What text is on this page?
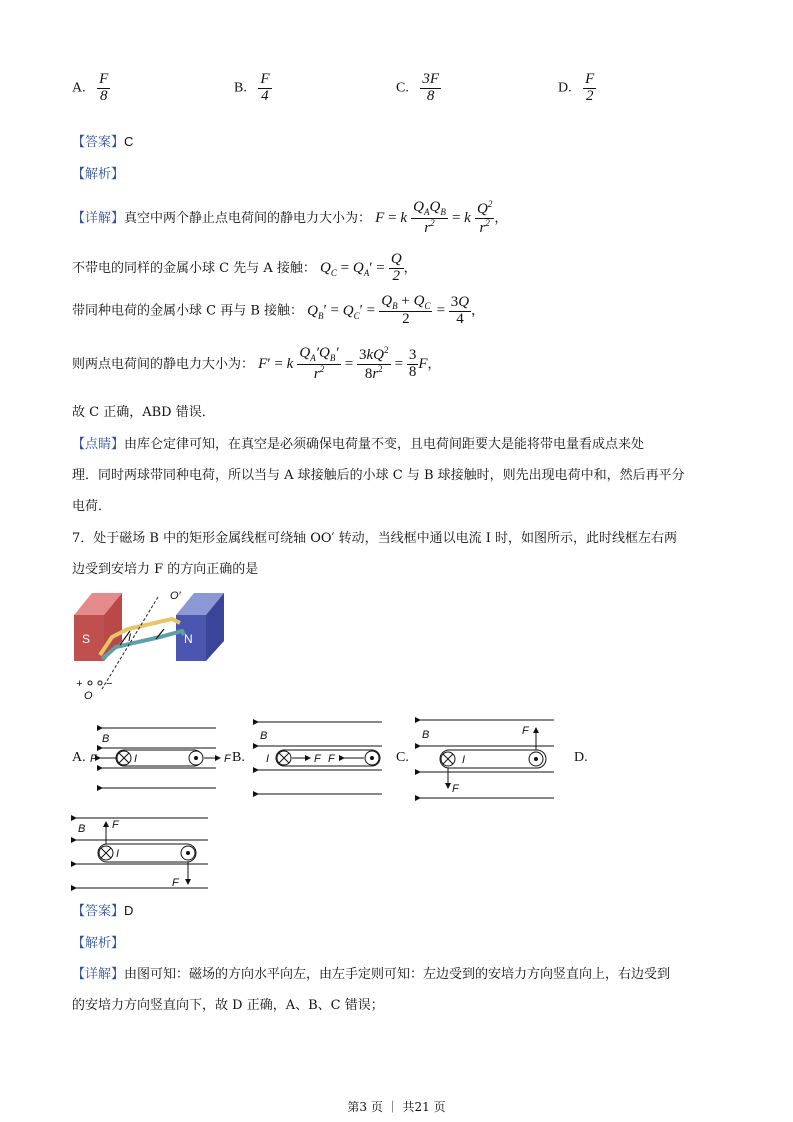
A. $\frac{F}{8}$	B. $\frac{F}{4}$	C. $\frac{3F}{8}$	D. $\frac{F}{2}$
【答案】C
【解析】
【详解】真空中两个静止点电荷间的静电力大小为： F = k $\frac{Q_AQ_B}{r^2} = k \frac{Q^2}{r^2}$ ，
不带电的同样的金属小球 C 先与 A 接触： $Q_C = Q_A' = \frac{Q}{2}$ ，
带同种电荷的金属小球 C 再与 B 接触： $Q_B' = Q_C' = \frac{Q_B + Q_C}{2} = \frac{3Q}{4}$ ，
则两点电荷间的静电力大小为： F′ = k $\frac{Q_A'Q_B'}{r^2} = \frac{3kQ^2}{8r^2} = \frac{3}{8}$ F，
故 C 正确，ABD 错误．
【点睛】由库仑定律可知，在真空是必须确保电荷量不变，且电荷间距要大是能将带电量看成点来处
理．同时两球带同种电荷，所以当与 A 球接触后的小球 C 与 B 球接触时，则先出现电荷中和，然后再平分
电荷．
7．处于磁场 B 中的矩形金属线框可绕轴 OO′ 转动，当线框中通以电流 I 时，如图所示，此时线框左右两
边受到安培力 F 的方向正确的是
S	N
I
O′
O
+ −
A.	B.	C.	D.
B
I
F	F
B
I	F F
B
I
F
F
B
I
F
F
【答案】D
【解析】
【详解】由图可知：磁场的方向水平向左，由左手定则可知：左边受到的安培力方向竖直向上，右边受到
的安培力方向竖直向下，故 D 正确，A、B、C 错误；
第3 页 ｜ 共21 页
